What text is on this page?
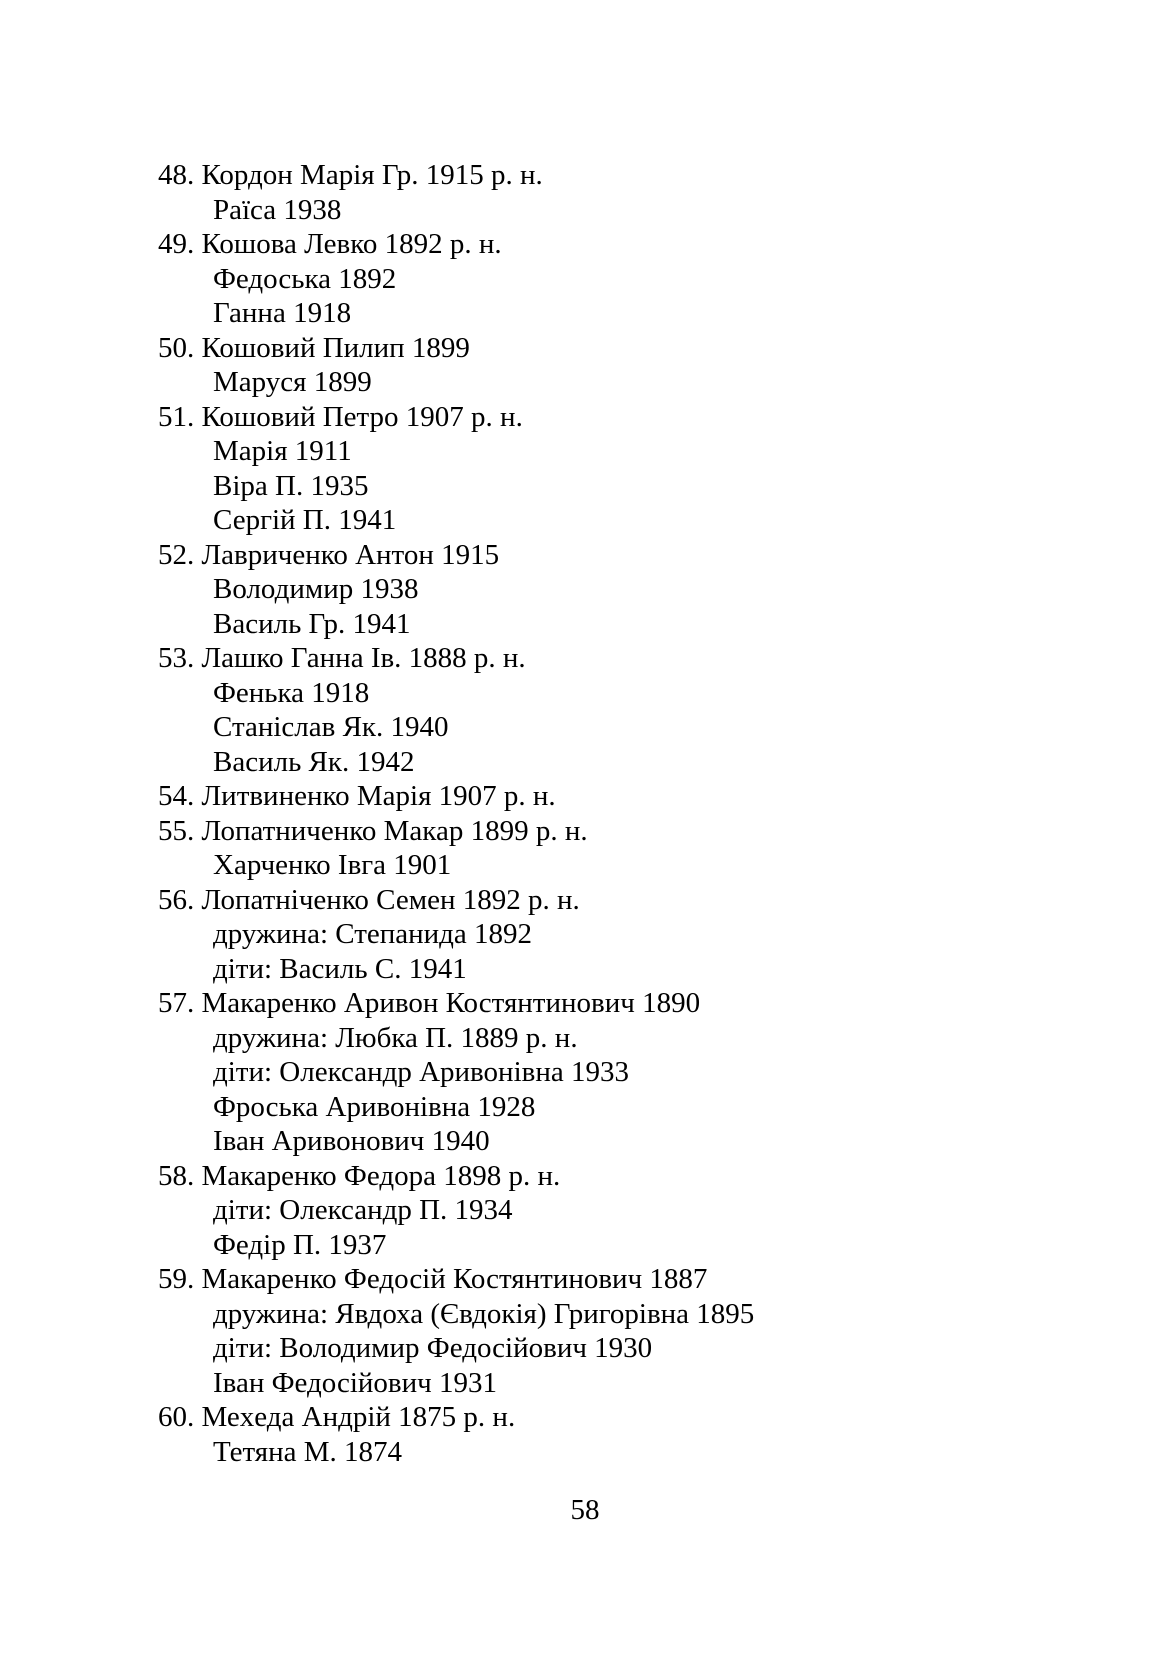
48. Кордон Марія Гр. 1915 р. н.
Раїса 1938
49. Кошова Левко 1892 р. н.
Федоська 1892
Ганна 1918
50. Кошовий Пилип 1899
Маруся 1899
51. Кошовий Петро 1907 р. н.
Марія 1911
Віра П. 1935
Сергій П. 1941
52. Лавриченко Антон 1915
Володимир 1938
Василь Гр. 1941
53. Лашко Ганна Ів. 1888 р. н.
Фенька 1918
Станіслав Як. 1940
Василь Як. 1942
54. Литвиненко Марія 1907 р. н.
55. Лопатниченко Макар 1899 р. н.
Харченко Івга 1901
56. Лопатніченко Семен 1892 р. н.
дружина: Степанида 1892
діти: Василь С. 1941
57. Макаренко Аривон Костянтинович 1890
дружина: Любка П. 1889 р. н.
діти: Олександр Аривонівна 1933
Фроська Аривонівна 1928
Іван Аривонович 1940
58. Макаренко Федора 1898 р. н.
діти: Олександр П. 1934
Федір П. 1937
59. Макаренко Федосій Костянтинович 1887
дружина: Явдоха (Євдокія) Григорівна 1895
діти: Володимир Федосійович 1930
Іван Федосійович 1931
60. Меxеда Андрій 1875 р. н.
Тетяна М. 1874
58
